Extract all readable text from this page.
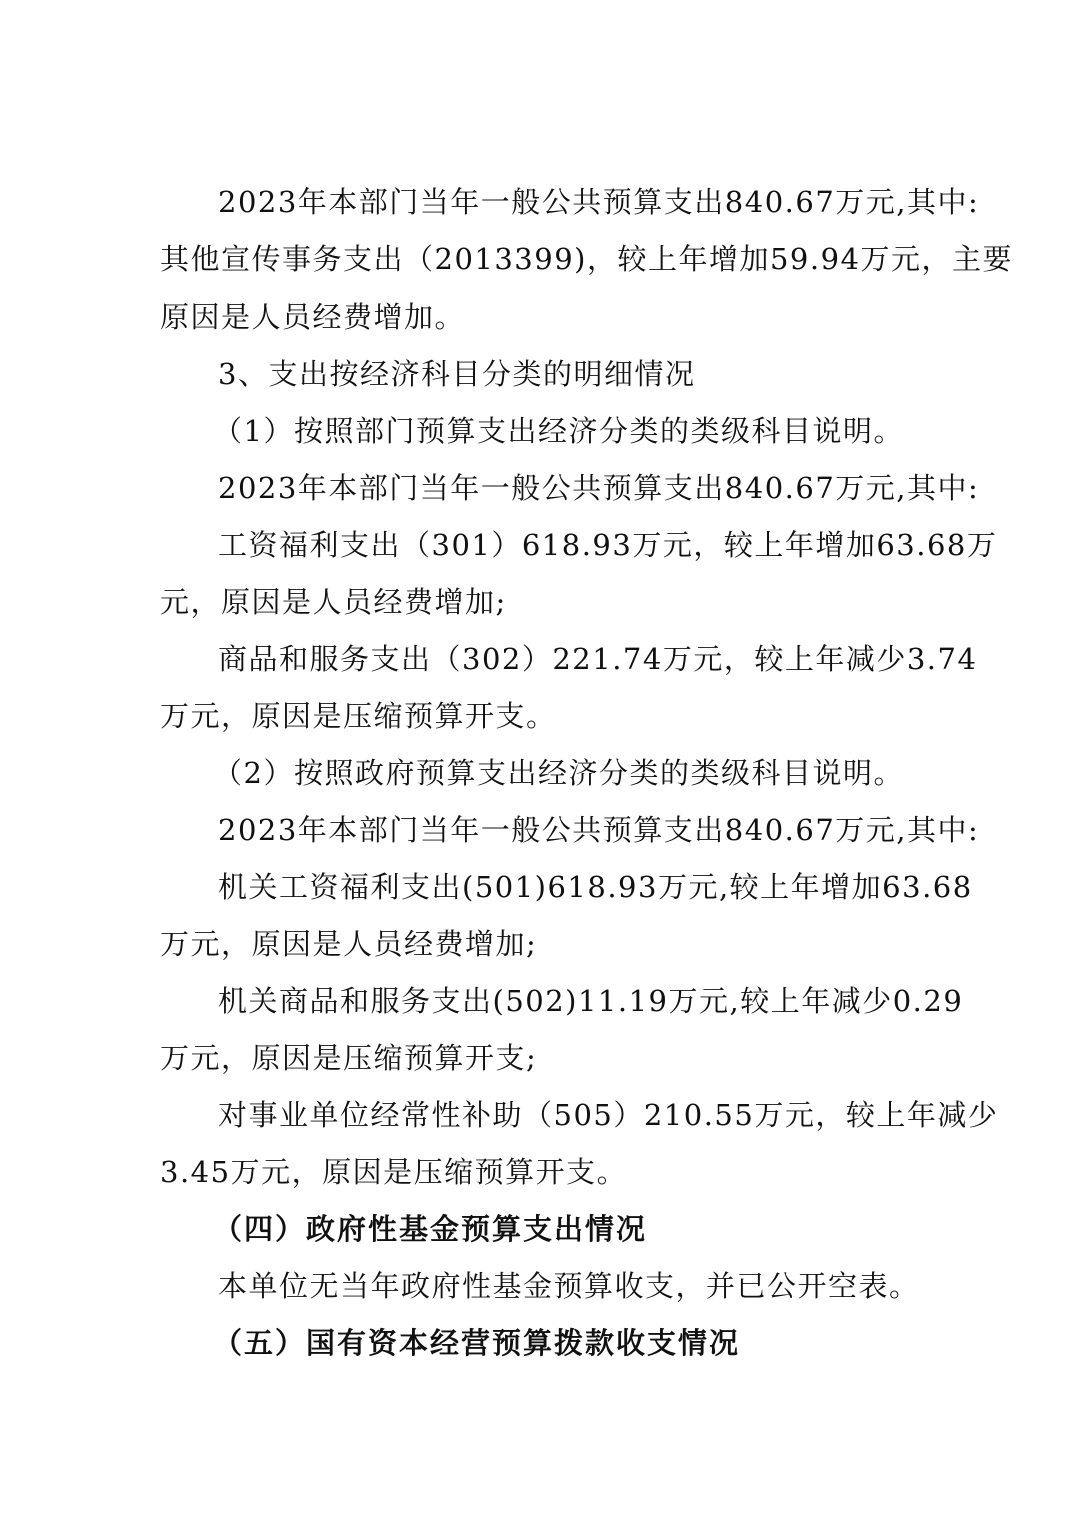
2023年本部门当年一般公共预算支出840.67万元,其中:
其他宣传事务支出（2013399)，较上年增加59.94万元，主要
原因是人员经费增加。
3、支出按经济科目分类的明细情况
（1）按照部门预算支出经济分类的类级科目说明。
2023年本部门当年一般公共预算支出840.67万元,其中:
工资福利支出（301）618.93万元，较上年增加63.68万
元，原因是人员经费增加;
商品和服务支出（302）221.74万元，较上年减少3.74
万元，原因是压缩预算开支。
（2）按照政府预算支出经济分类的类级科目说明。
2023年本部门当年一般公共预算支出840.67万元,其中:
机关工资福利支出(501)618.93万元,较上年增加63.68
万元，原因是人员经费增加;
机关商品和服务支出(502)11.19万元,较上年减少0.29
万元，原因是压缩预算开支;
对事业单位经常性补助（505）210.55万元，较上年减少
3.45万元，原因是压缩预算开支。
（四）政府性基金预算支出情况
本单位无当年政府性基金预算收支，并已公开空表。
（五）国有资本经营预算拨款收支情况
